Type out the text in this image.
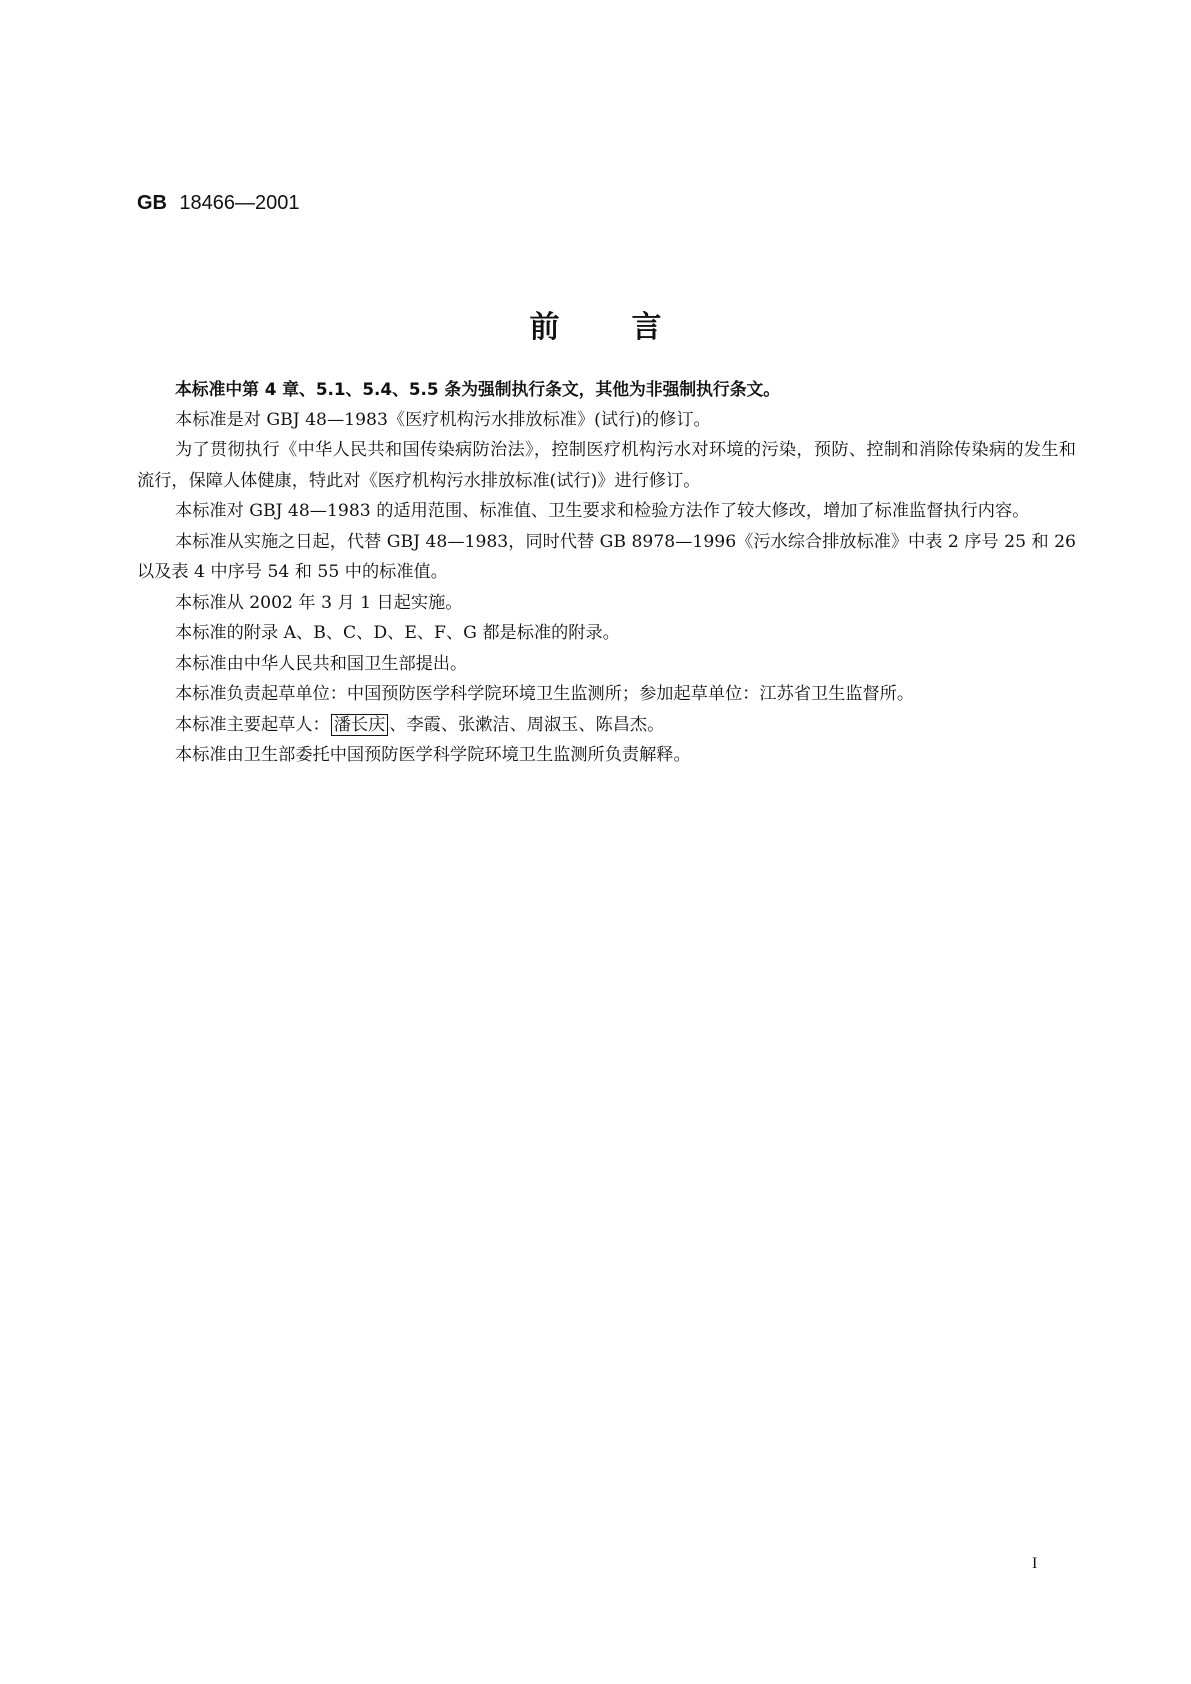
GB 18466—2001
前言

本标准中第 4 章、5.1、5.4、5.5 条为强制执行条文，其他为非强制执行条文。

本标准是对 GBJ 48—1983《医疗机构污水排放标准》(试行)的修订。

为了贯彻执行《中华人民共和国传染病防治法》，控制医疗机构污水对环境的污染，预防、控制和消除传染病的发生和流行，保障人体健康，特此对《医疗机构污水排放标准(试行)》进行修订。

本标准对 GBJ 48—1983 的适用范围、标准值、卫生要求和检验方法作了较大修改，增加了标准监督执行内容。

本标准从实施之日起，代替 GBJ 48—1983，同时代替 GB 8978—1996《污水综合排放标准》中表 2 序号 25 和 26 以及表 4 中序号 54 和 55 中的标准值。

本标准从 2002 年 3 月 1 日起实施。

本标准的附录 A、B、C、D、E、F、G 都是标准的附录。

本标准由中华人民共和国卫生部提出。

本标准负责起草单位：中国预防医学科学院环境卫生监测所；参加起草单位：江苏省卫生监督所。

本标准主要起草人： 潘长庆 、李霞、张漱洁、周淑玉、陈昌杰。

本标准由卫生部委托中国预防医学科学院环境卫生监测所负责解释。

I
